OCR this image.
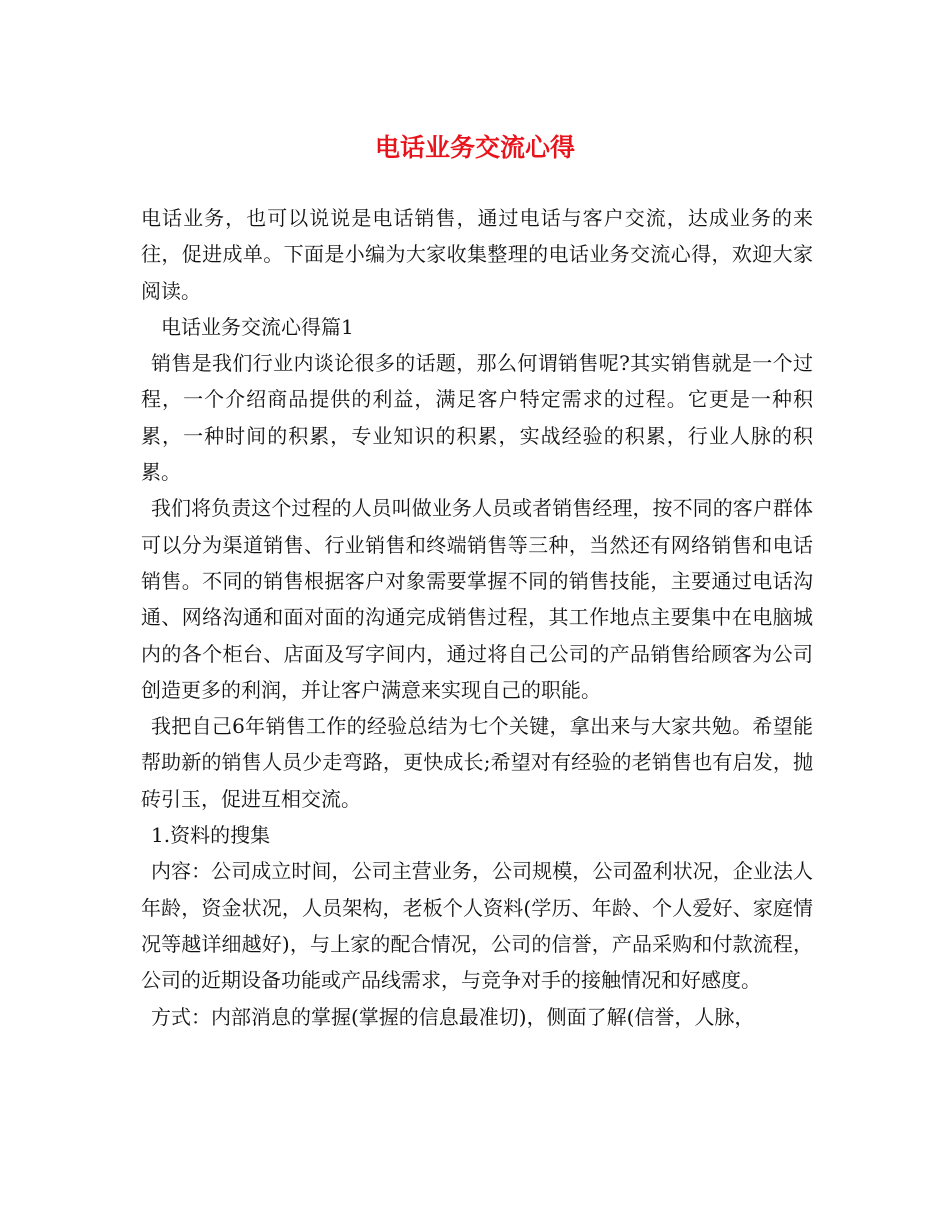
电话业务交流心得

电话业务，也可以说说是电话销售，通过电话与客户交流，达成业务的来往，促进成单。下面是小编为大家收集整理的电话业务交流心得，欢迎大家阅读。

电话业务交流心得篇1

销售是我们行业内谈论很多的话题，那么何谓销售呢?其实销售就是一个过程，一个介绍商品提供的利益，满足客户特定需求的过程。它更是一种积累，一种时间的积累，专业知识的积累，实战经验的积累，行业人脉的积累。

我们将负责这个过程的人员叫做业务人员或者销售经理，按不同的客户群体可以分为渠道销售、行业销售和终端销售等三种，当然还有网络销售和电话销售。不同的销售根据客户对象需要掌握不同的销售技能，主要通过电话沟通、网络沟通和面对面的沟通完成销售过程，其工作地点主要集中在电脑城内的各个柜台、店面及写字间内，通过将自己公司的产品销售给顾客为公司创造更多的利润，并让客户满意来实现自己的职能。

我把自己6年销售工作的经验总结为七个关键，拿出来与大家共勉。希望能帮助新的销售人员少走弯路，更快成长;希望对有经验的老销售也有启发，抛砖引玉，促进互相交流。

1.资料的搜集

内容：公司成立时间，公司主营业务，公司规模，公司盈利状况，企业法人年龄，资金状况，人员架构，老板个人资料(学历、年龄、个人爱好、家庭情况等越详细越好)，与上家的配合情况，公司的信誉，产品采购和付款流程，公司的近期设备功能或产品线需求，与竞争对手的接触情况和好感度。

方式：内部消息的掌握(掌握的信息最准切)，侧面了解(信誉，人脉，
